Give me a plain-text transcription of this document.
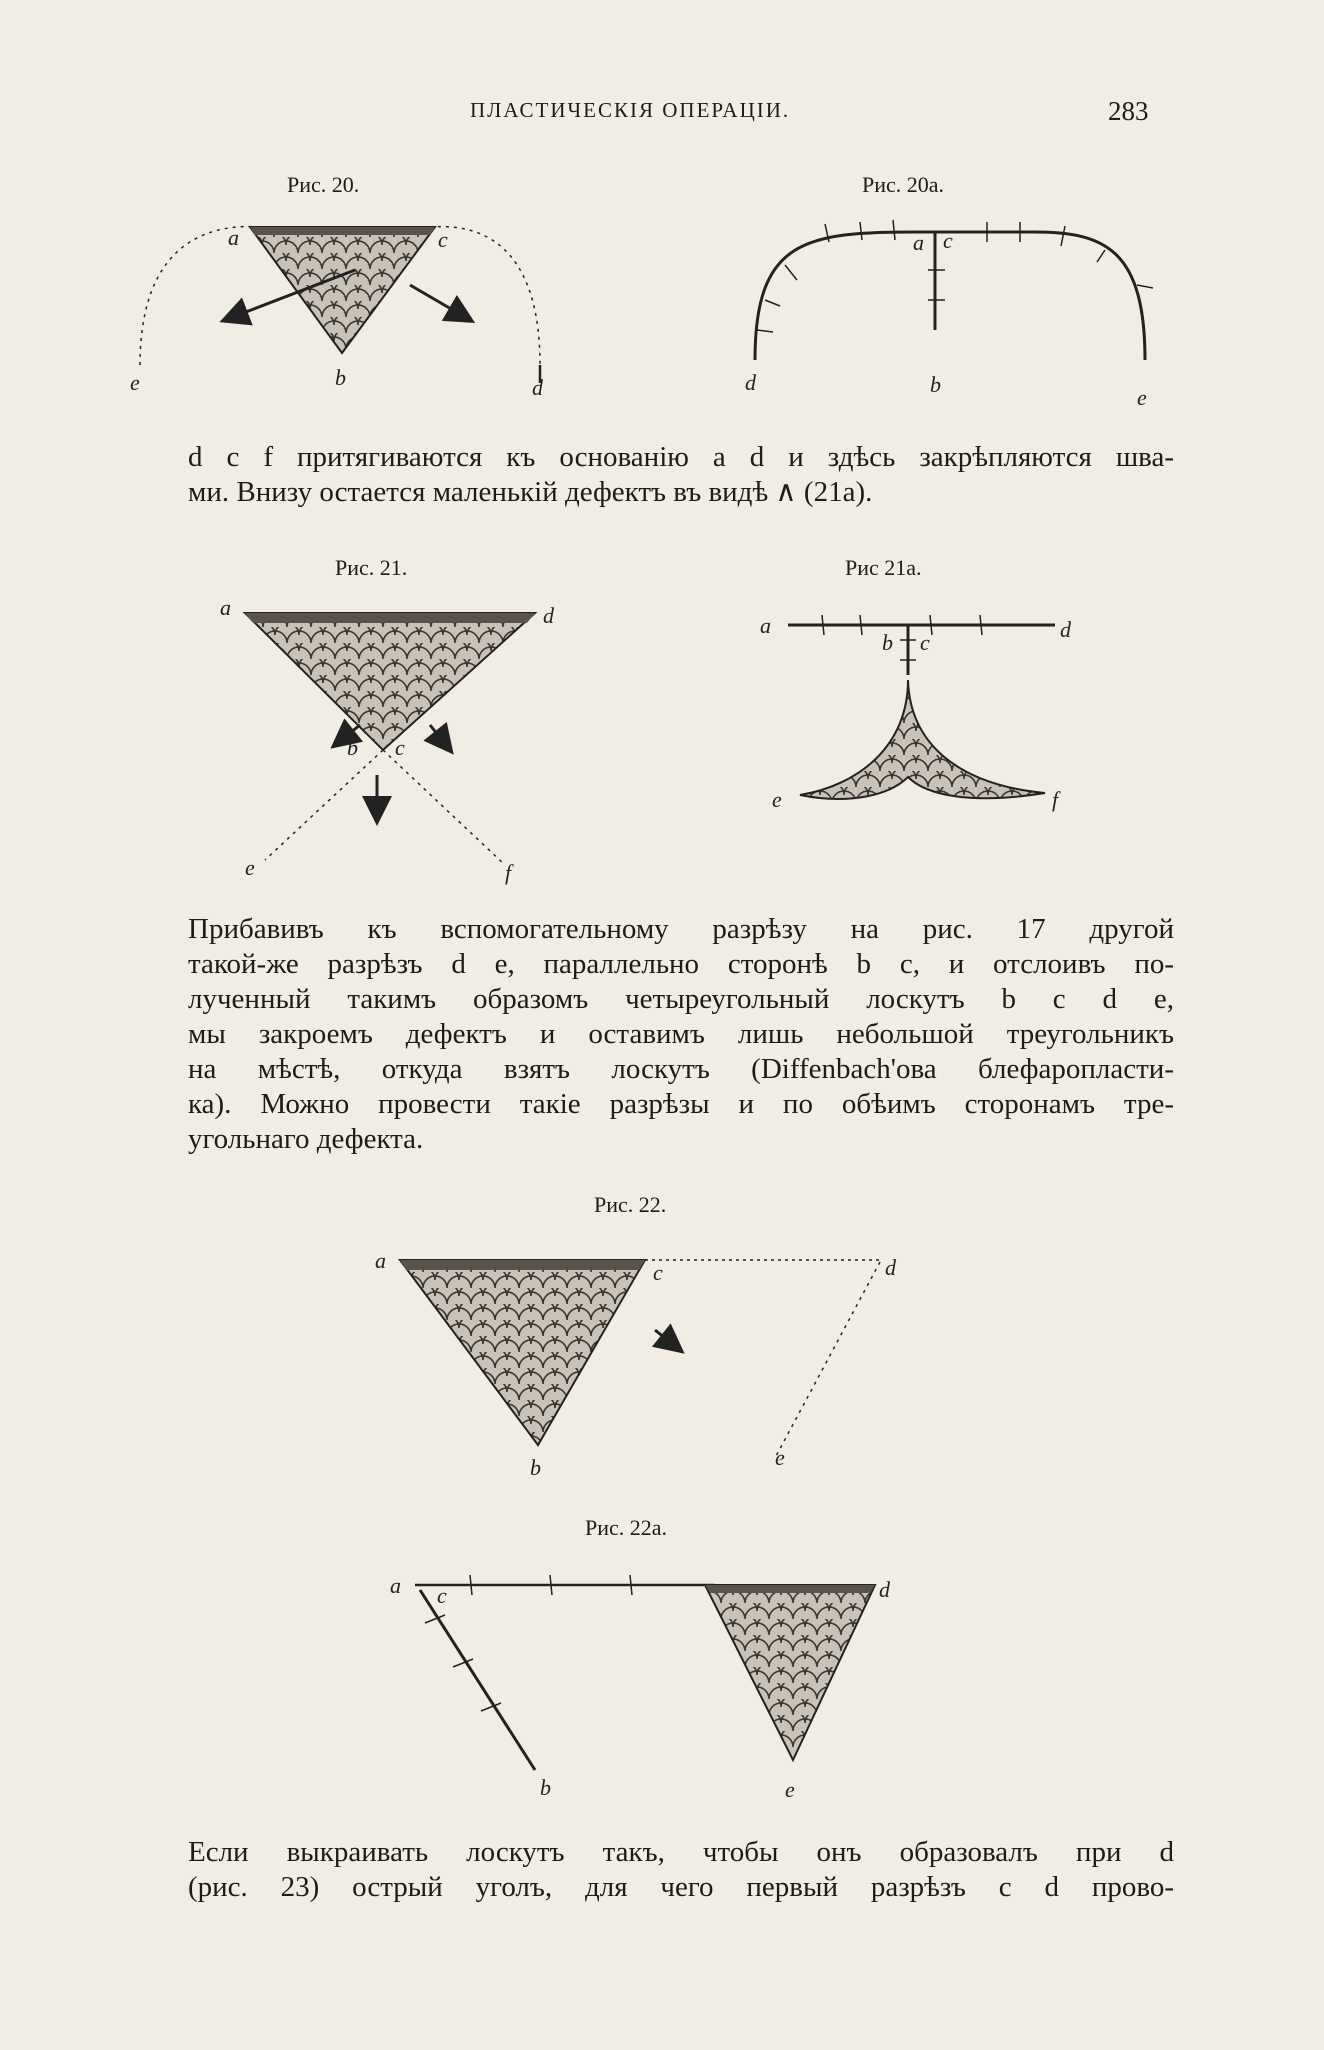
ПЛАСТИЧЕСКІЯ ОПЕРАЦІИ.	283
Рис. 20.
a	c
e	b	d
Рис. 20а.
a c
d	b
e
d c f притягиваются къ основанію a d и здѣсь закрѣпляются шва-
ми. Внизу остается маленькій дефектъ въ видѣ ∧ (21a).
Рис. 21.
a	d
b c
e	f
Рис 21а.
a	d
b c
e	f
Прибавивъ къ вспомогательному разрѣзу на рис. 17 другой
такой-же разрѣзъ d e, параллельно сторонѣ b c, и отслоивъ по-
лученный такимъ образомъ четыреугольный лоскутъ b c d e,
мы закроемъ дефектъ и оставимъ лишь небольшой треугольникъ
на мѣстѣ, откуда взятъ лоскутъ (Diffenbach'ова блефаропласти-
ка). Можно провести такіе разрѣзы и по обѣимъ сторонамъ тре-
угольнаго дефекта.
Рис. 22.
a	c	d
b	e
Рис. 22а.
a c	d
b	e
Если выкраивать лоскутъ такъ, чтобы онъ образовалъ при d
(рис. 23) острый уголъ, для чего первый разрѣзъ c d прово-
